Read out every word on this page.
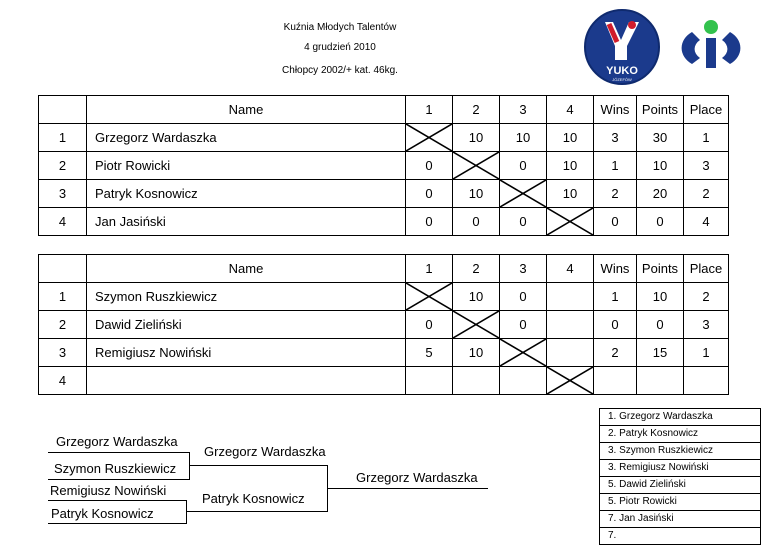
Kuźnia Młodych Talentów
4 grudzień 2010
Chłopcy 2002/+ kat. 46kg.	YUKO
JÓZEFÓW
	Name	1	2	3	4	Wins	Points	Place
1	Grzegorz Wardaszka		10	10	10	3	30	1
2	Piotr Rowicki	0		0	10	1	10	3
3	Patryk Kosnowicz	0	10		10	2	20	2
4	Jan Jasiński	0	0	0		0	0	4
	Name	1	2	3	4	Wins	Points	Place
1	Szymon Ruszkiewicz		10	0		1	10	2
2	Dawid Zieliński	0		0		0	0	3
3	Remigiusz Nowiński	5	10			2	15	1
4					

Grzegorz Wardaszka
Szymon Ruszkiewicz
Grzegorz Wardaszka
Remigiusz Nowiński
Patryk Kosnowicz
Patryk Kosnowicz
Grzegorz Wardaszka
1. Grzegorz Wardaszka
2. Patryk Kosnowicz
3. Szymon Ruszkiewicz
3. Remigiusz Nowiński
5. Dawid Zieliński
5. Piotr Rowicki
7. Jan Jasiński
7.
